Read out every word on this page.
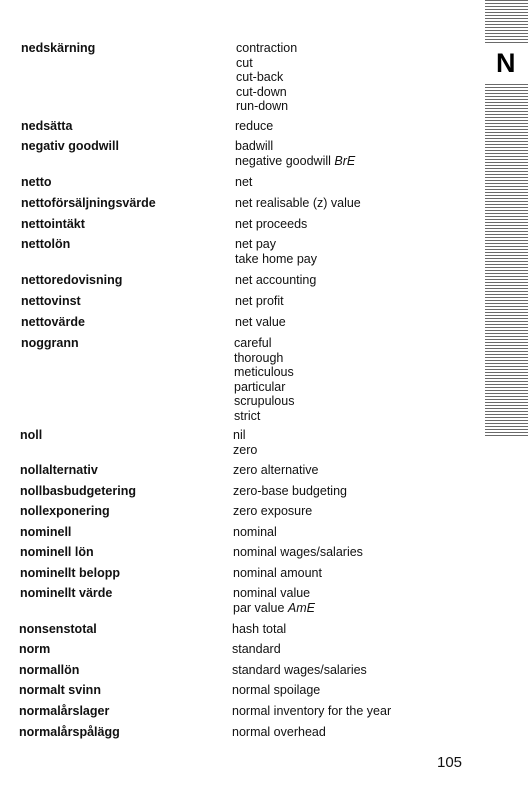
N
nedskärning	contraction
cut
cut-back
cut-down
run-down
nedsätta	reduce
negativ goodwill	badwill
negative goodwill BrE
netto	net
nettoförsäljningsvärde	net realisable (z) value
nettointäkt	net proceeds
nettolön	net pay
take home pay
nettoredovisning	net accounting
nettovinst	net profit
nettovärde	net value
noggrann	careful
thorough
meticulous
particular
scrupulous
strict
noll	nil
zero
nollalternativ	zero alternative
nollbasbudgetering	zero-base budgeting
nollexponering	zero exposure
nominell	nominal
nominell lön	nominal wages/salaries
nominellt belopp	nominal amount
nominellt värde	nominal value
par value AmE
nonsenstotal	hash total
norm	standard
normallön	standard wages/salaries
normalt svinn	normal spoilage
normalårslager	normal inventory for the year
normalårspålägg	normal overhead
105
